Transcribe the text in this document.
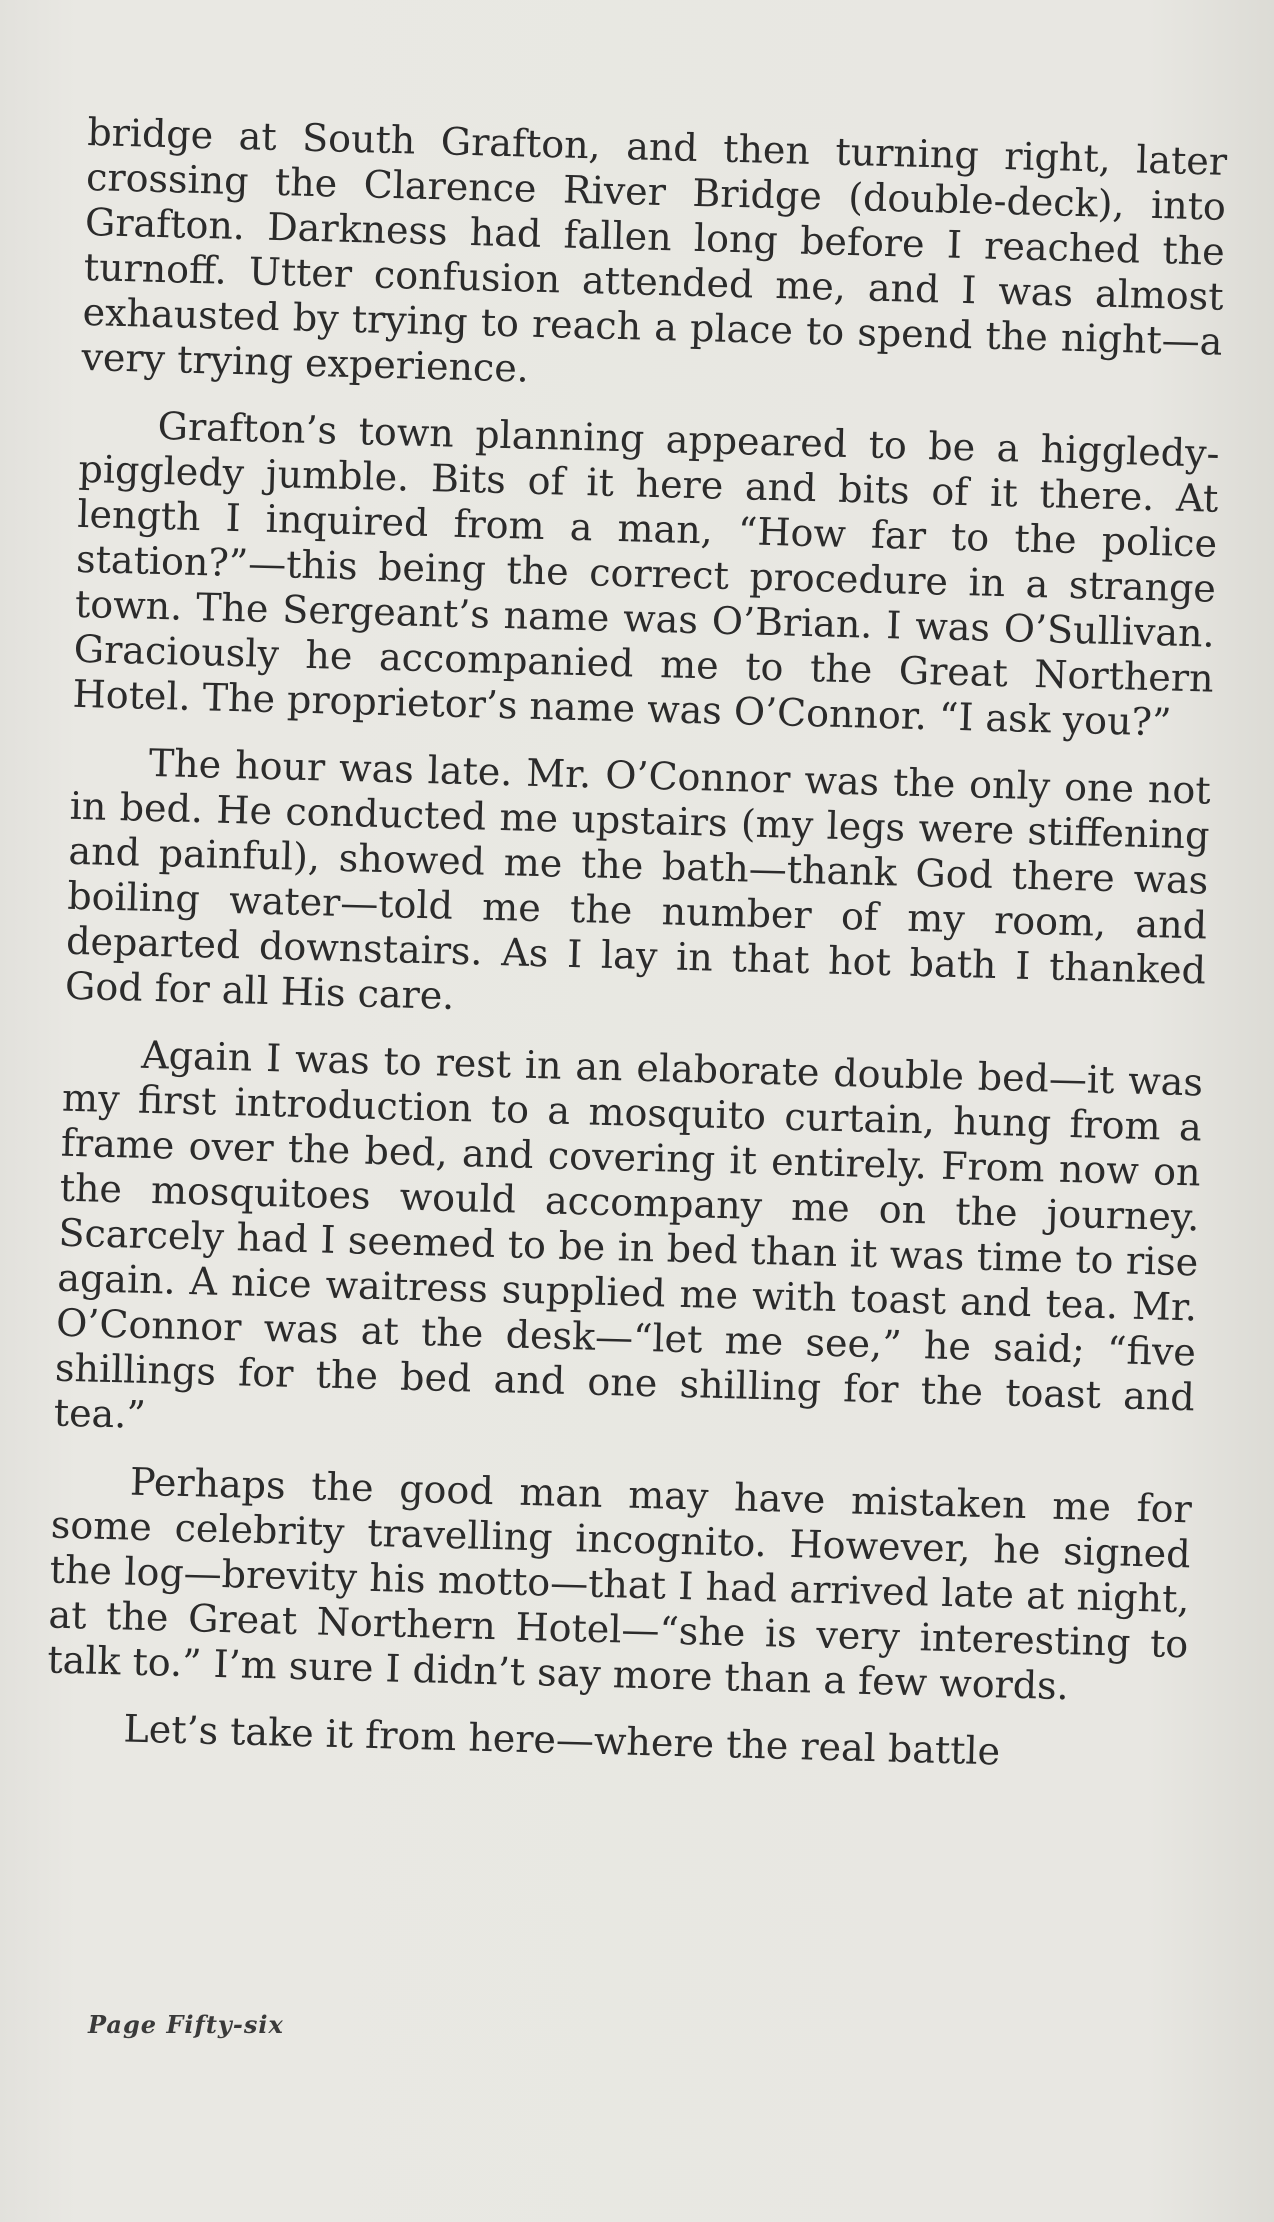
bridge at South Grafton, and then turning right, later crossing the Clarence River Bridge (double-deck), into Grafton. Darkness had fallen long before I reached the turnoff. Utter confusion attended me, and I was almost exhausted by trying to reach a place to spend the night—a very trying experience.

Grafton’s town planning appeared to be a higgledy-piggledy jumble. Bits of it here and bits of it there. At length I inquired from a man, “How far to the police station?”—this being the correct procedure in a strange town. The Sergeant’s name was O’Brian. I was O’Sullivan. Graciously he accompanied me to the Great Northern Hotel. The proprietor’s name was O’Connor. “I ask you?”

The hour was late. Mr. O’Connor was the only one not in bed. He conducted me upstairs (my legs were stiffening and painful), showed me the bath—thank God there was boiling water—told me the number of my room, and departed downstairs. As I lay in that hot bath I thanked God for all His care.

Again I was to rest in an elaborate double bed—it was my first introduction to a mosquito curtain, hung from a frame over the bed, and covering it entirely. From now on the mosquitoes would accompany me on the journey. Scarcely had I seemed to be in bed than it was time to rise again. A nice waitress supplied me with toast and tea. Mr. O’Connor was at the desk—“let me see,” he said; “five shillings for the bed and one shilling for the toast and tea.”

Perhaps the good man may have mistaken me for some celebrity travelling incognito. However, he signed the log—brevity his motto—that I had arrived late at night, at the Great Northern Hotel—“she is very interesting to talk to.” I’m sure I didn’t say more than a few words.

Let’s take it from here—where the real battle

Page Fifty-six
